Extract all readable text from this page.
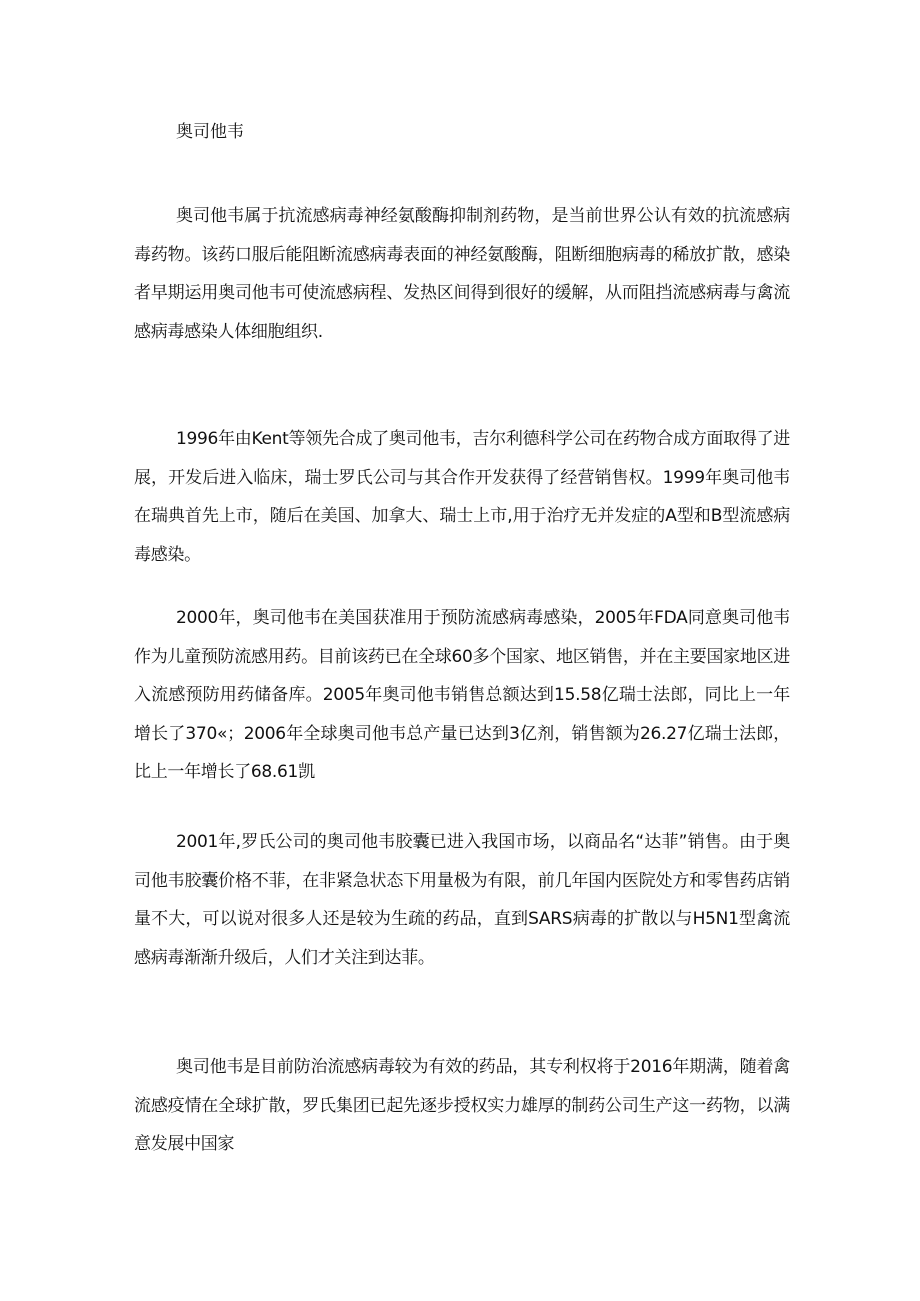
奥司他韦

奥司他韦属于抗流感病毒神经氨酸酶抑制剂药物，是当前世界公认有效的抗流感病毒药物。该药口服后能阻断流感病毒表面的神经氨酸酶，阻断细胞病毒的稀放扩散，感染者早期运用奥司他韦可使流感病程、发热区间得到很好的缓解，从而阻挡流感病毒与禽流感病毒感染人体细胞组织.

1996年由Kent等领先合成了奥司他韦，吉尔利德科学公司在药物合成方面取得了进展，开发后进入临床，瑞士罗氏公司与其合作开发获得了经营销售权。1999年奥司他韦在瑞典首先上市，随后在美国、加拿大、瑞士上市,用于治疗无并发症的A型和B型流感病毒感染。

2000年，奥司他韦在美国获准用于预防流感病毒感染，2005年FDA同意奥司他韦作为儿童预防流感用药。目前该药已在全球60多个国家、地区销售，并在主要国家地区进入流感预防用药储备库。2005年奥司他韦销售总额达到15.58亿瑞士法郎，同比上一年增长了370«；2006年全球奥司他韦总产量已达到3亿剂，销售额为26.27亿瑞士法郎，比上一年增长了68.61凯

2001年,罗氏公司的奥司他韦胶囊已进入我国市场，以商品名“达菲”销售。由于奥司他韦胶囊价格不菲，在非紧急状态下用量极为有限，前几年国内医院处方和零售药店销量不大，可以说对很多人还是较为生疏的药品，直到SARS病毒的扩散以与H5N1型禽流感病毒渐渐升级后，人们才关注到达菲。

奥司他韦是目前防治流感病毒较为有效的药品，其专利权将于2016年期满，随着禽流感疫情在全球扩散，罗氏集团已起先逐步授权实力雄厚的制药公司生产这一药物，以满意发展中国家
